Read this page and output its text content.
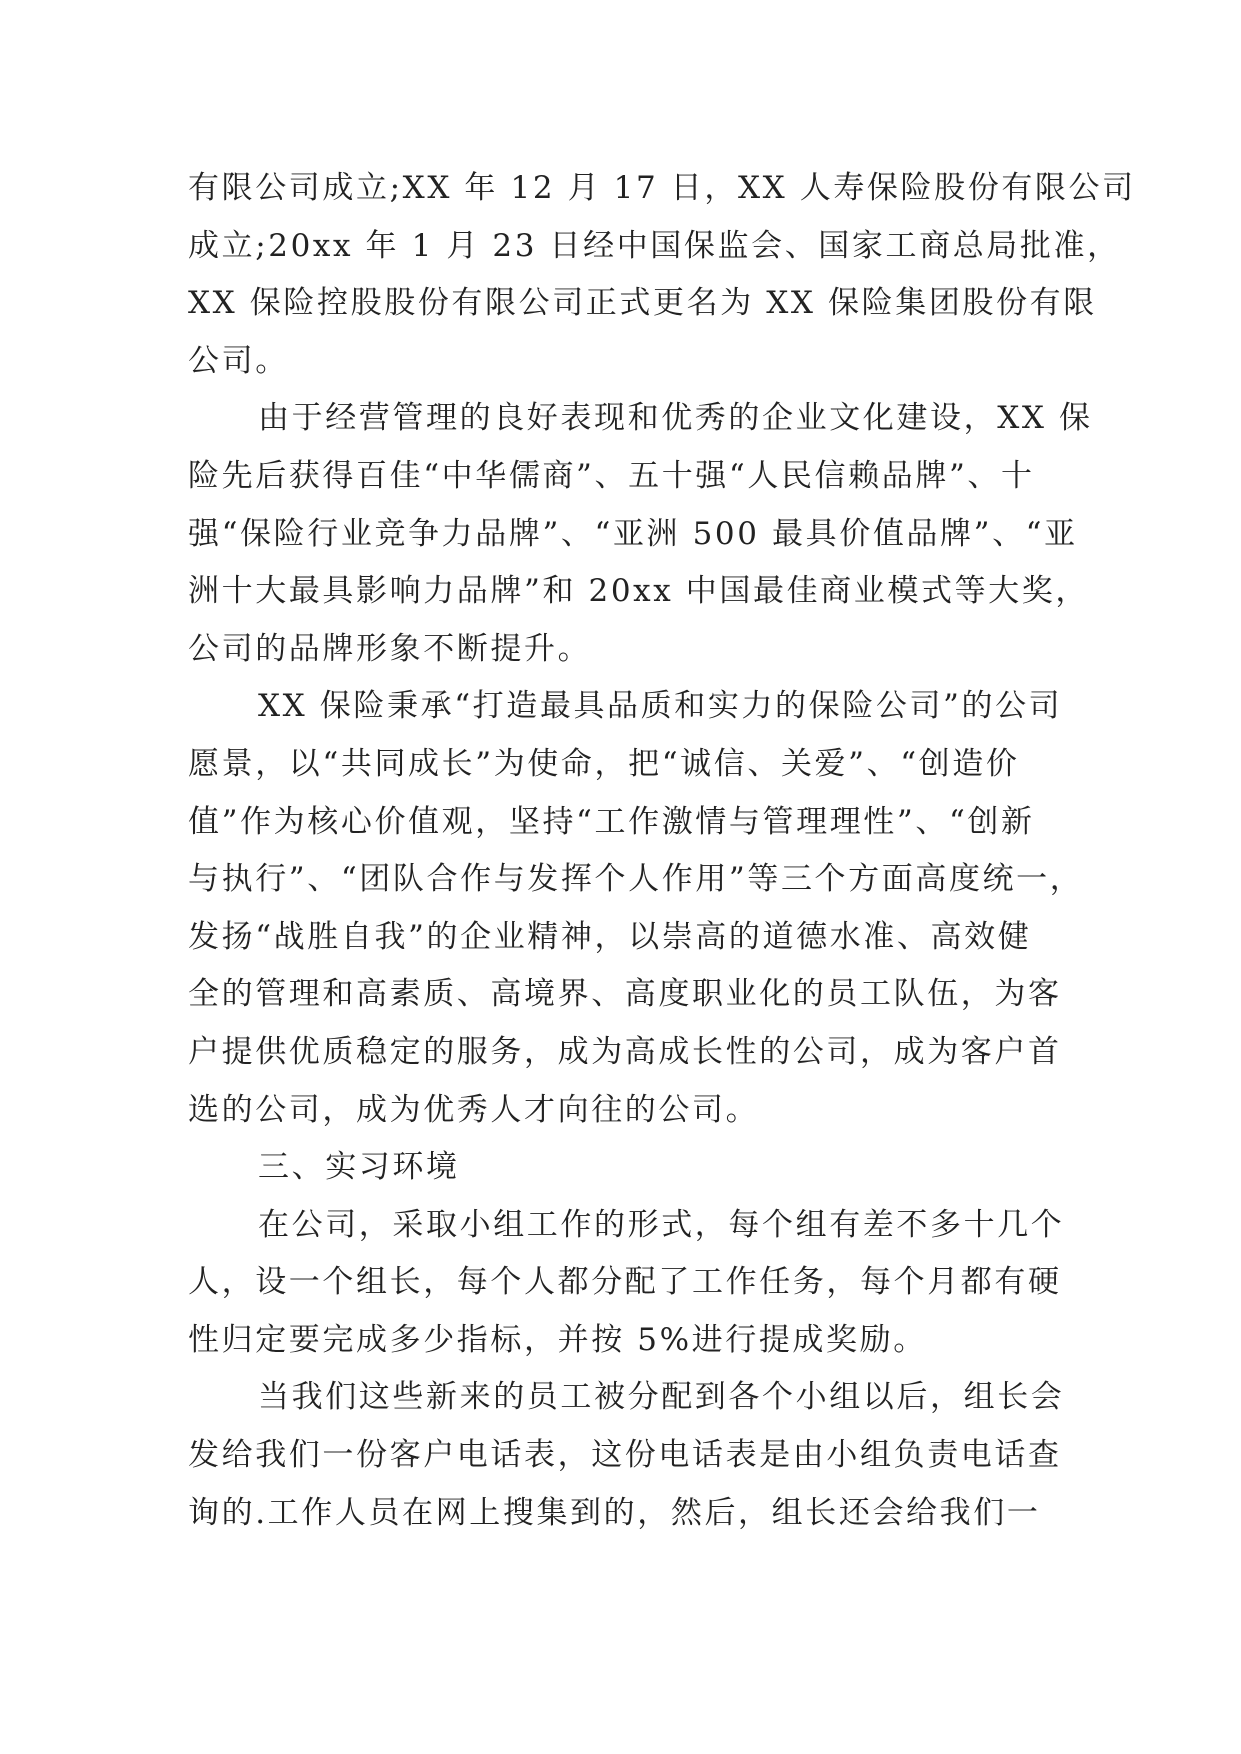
有限公司成立;XX 年 12 月 17 日，XX 人寿保险股份有限公司
成立;20xx 年 1 月 23 日经中国保监会、国家工商总局批准，
XX 保险控股股份有限公司正式更名为 XX 保险集团股份有限
公司。
由于经营管理的良好表现和优秀的企业文化建设，XX 保
险先后获得百佳“中华儒商”、五十强“人民信赖品牌”、十
强“保险行业竞争力品牌”、“亚洲 500 最具价值品牌”、“亚
洲十大最具影响力品牌”和 20xx 中国最佳商业模式等大奖，
公司的品牌形象不断提升。
XX 保险秉承“打造最具品质和实力的保险公司”的公司
愿景，以“共同成长”为使命，把“诚信、关爱”、“创造价
值”作为核心价值观，坚持“工作激情与管理理性”、“创新
与执行”、“团队合作与发挥个人作用”等三个方面高度统一，
发扬“战胜自我”的企业精神，以崇高的道德水准、高效健
全的管理和高素质、高境界、高度职业化的员工队伍，为客
户提供优质稳定的服务，成为高成长性的公司，成为客户首
选的公司，成为优秀人才向往的公司。
三、实习环境
在公司，采取小组工作的形式，每个组有差不多十几个
人，设一个组长，每个人都分配了工作任务，每个月都有硬
性归定要完成多少指标，并按 5%进行提成奖励。
当我们这些新来的员工被分配到各个小组以后，组长会
发给我们一份客户电话表，这份电话表是由小组负责电话查
询的.工作人员在网上搜集到的，然后，组长还会给我们一
